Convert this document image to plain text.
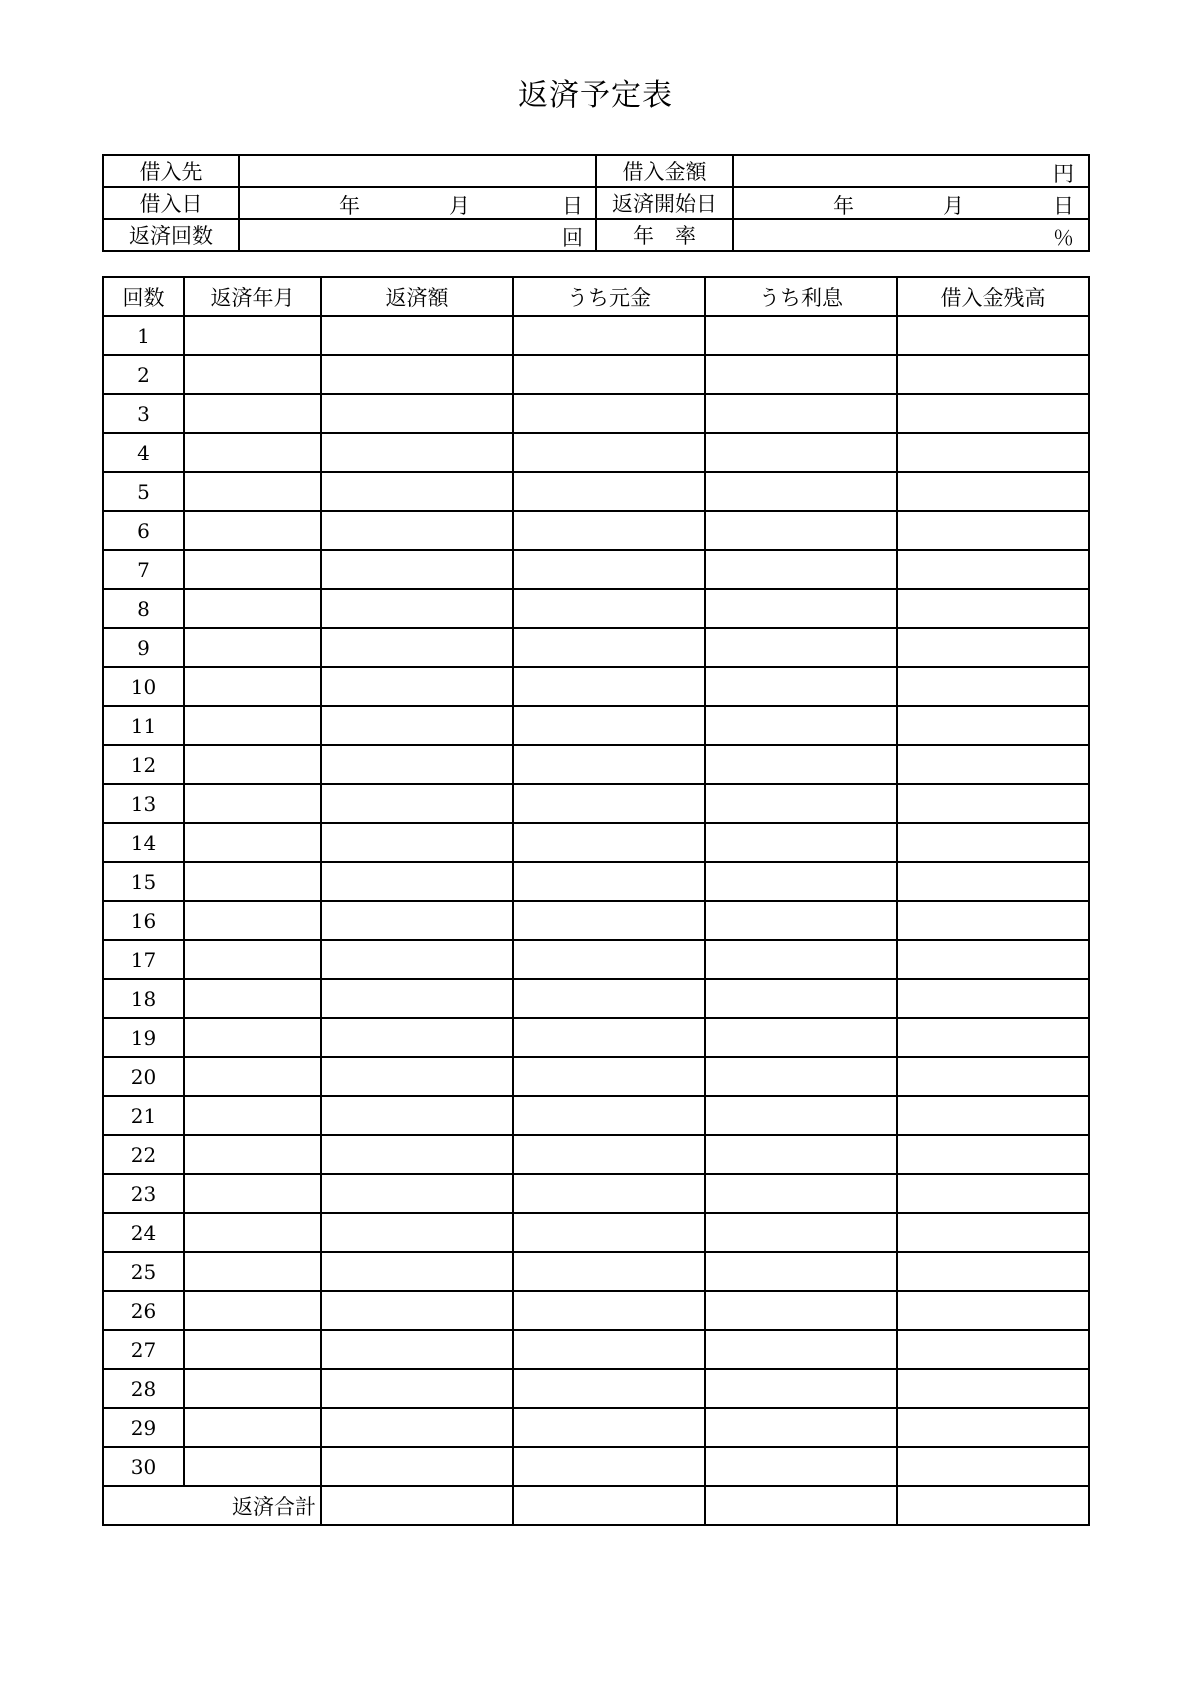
返済予定表
借入先		借入金額	円

借入日	年 月 日	返済開始日	年 月 日

返済回数	回	年　率	％
回数	返済年月	返済額	うち元金	うち利息	借入金残高
1					
2					
3					
4					
5					
6					
7					
8					
9					
10					
11					
12					
13					
14					
15					
16					
17					
18					
19					
20					
21					
22					
23					
24					
25					
26					
27					
28					
29					
30					
返済合計					
